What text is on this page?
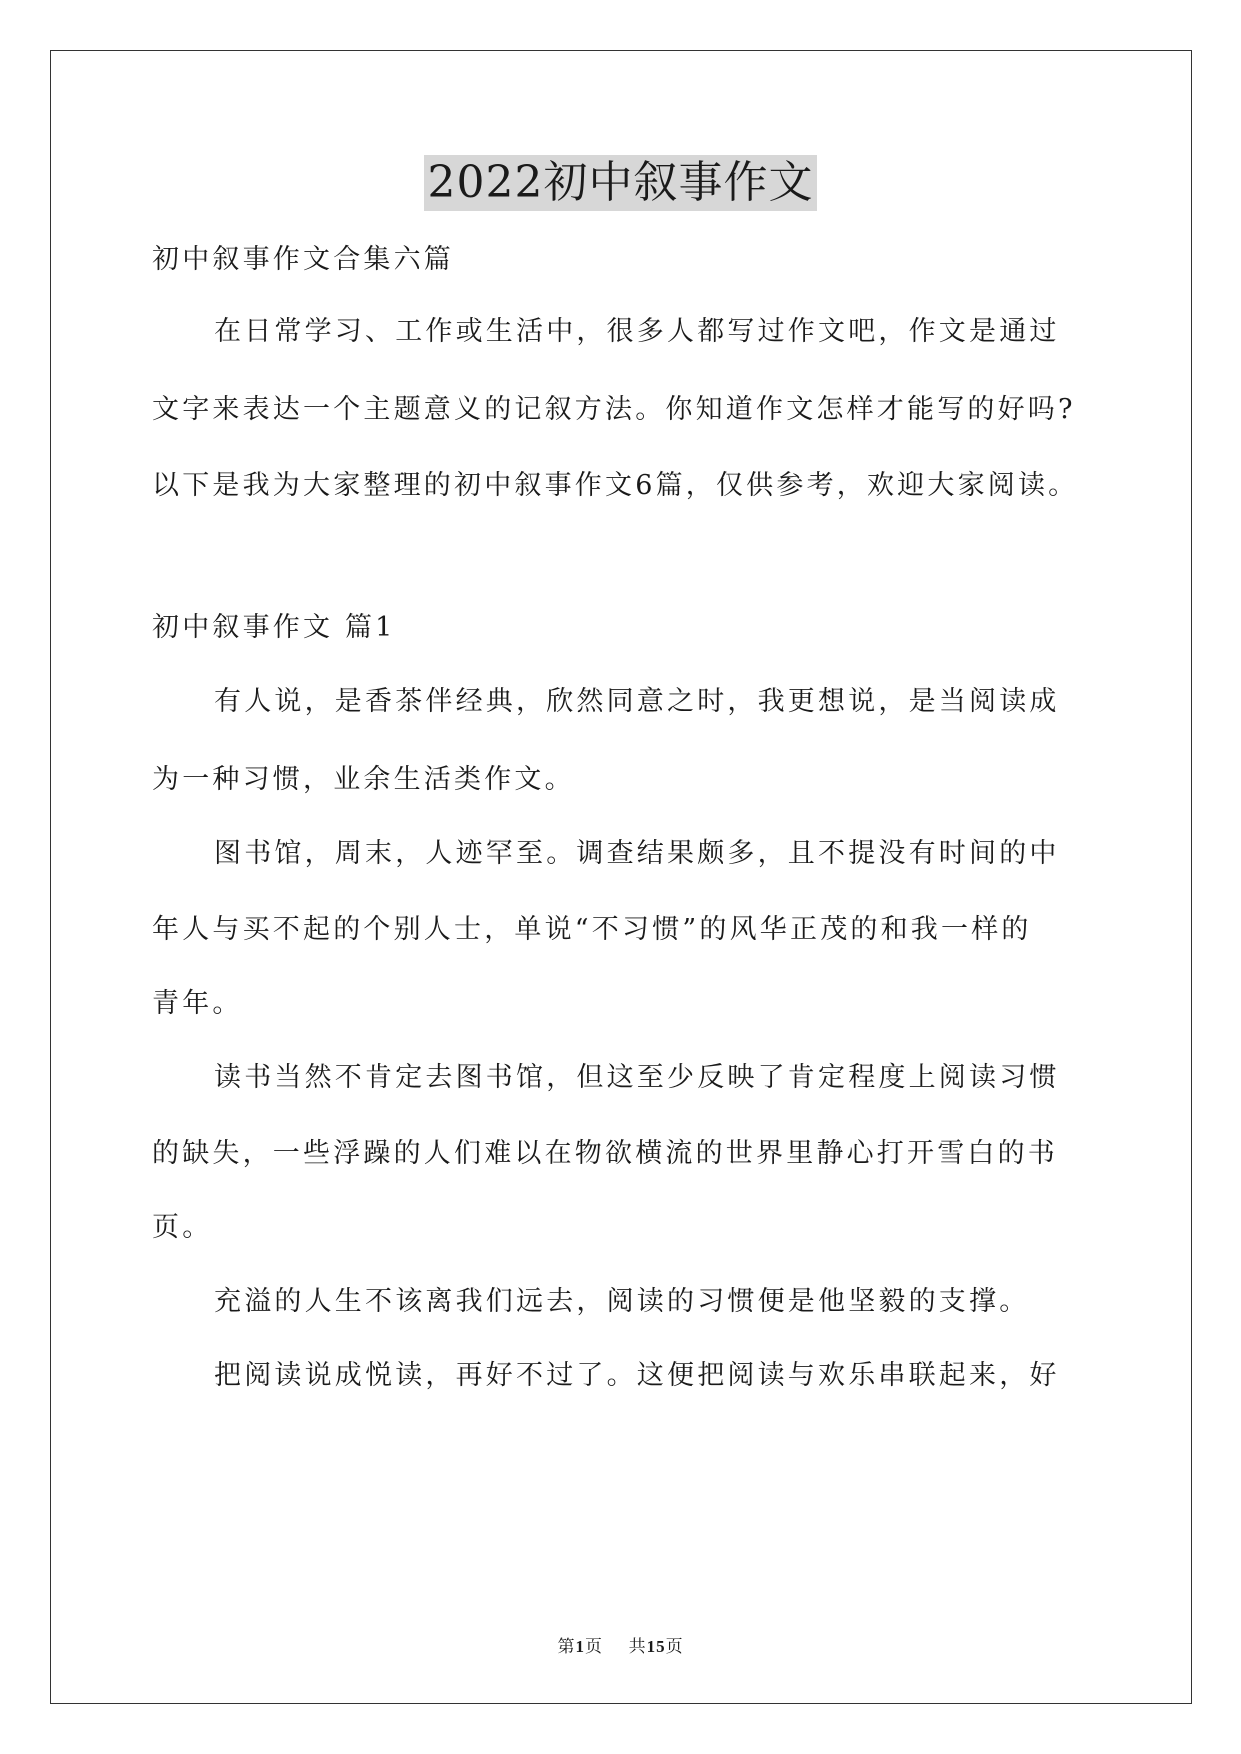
2022初中叙事作文
初中叙事作文合集六篇
在日常学习、工作或生活中，很多人都写过作文吧，作文是通过
文字来表达一个主题意义的记叙方法。你知道作文怎样才能写的好吗?
以下是我为大家整理的初中叙事作文6篇，仅供参考，欢迎大家阅读。
初中叙事作文 篇1
有人说，是香茶伴经典，欣然同意之时，我更想说，是当阅读成
为一种习惯，业余生活类作文。
图书馆，周末，人迹罕至。调查结果颇多，且不提没有时间的中
年人与买不起的个别人士，单说“不习惯”的风华正茂的和我一样的
青年。
读书当然不肯定去图书馆，但这至少反映了肯定程度上阅读习惯
的缺失，一些浮躁的人们难以在物欲横流的世界里静心打开雪白的书
页。
充溢的人生不该离我们远去，阅读的习惯便是他坚毅的支撑。
把阅读说成悦读，再好不过了。这便把阅读与欢乐串联起来，好
第1页 共15页
